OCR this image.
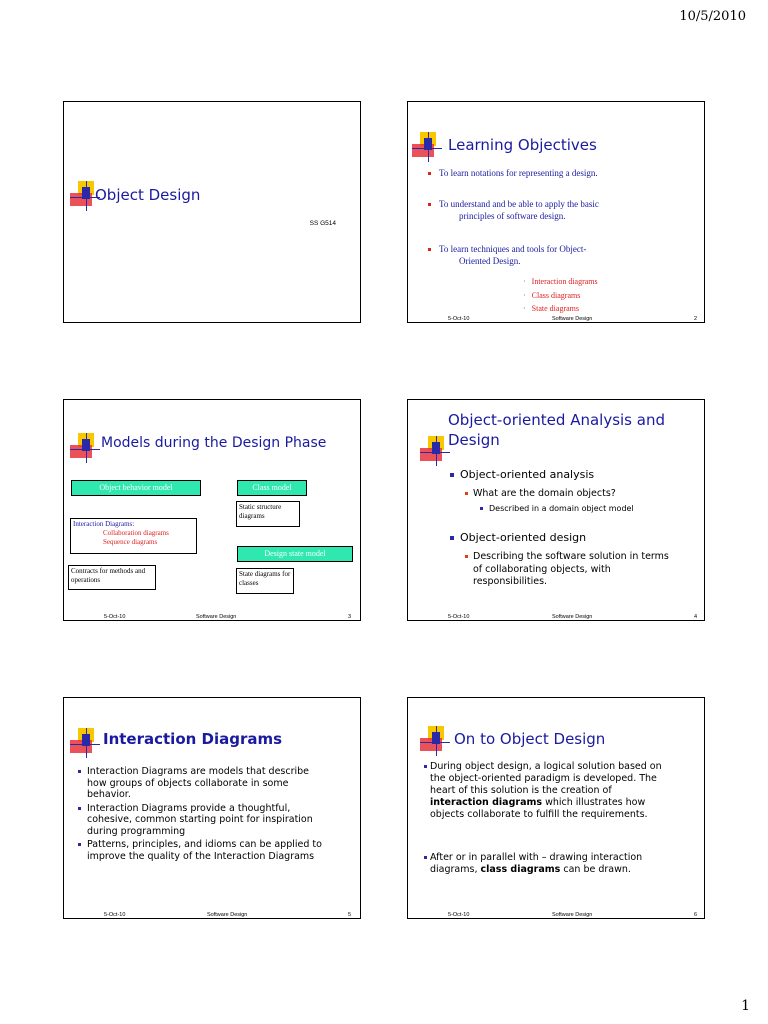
10/5/2010
Object Design
SS G514
Learning Objectives
To learn notations for representing a design.
To understand and be able to apply the basic
principles of software design.
To learn techniques and tools for Object-
Oriented Design.
· Interaction diagrams
· Class diagrams
· State diagrams
5-Oct-10	Software Design	2
Models during the Design Phase
Object behavior model	Class model
Static structure diagrams
Interaction Diagrams:
Collaboration diagrams
Sequence diagrams
Design state model
Contracts for methods and operations
State diagrams for classes
5-Oct-10	Software Design	3
Object-oriented Analysis and
Design
Object-oriented analysis
What are the domain objects?
Described in a domain object model
Object-oriented design
Describing the software solution in terms
of collaborating objects, with
responsibilities.
5-Oct-10	Software Design	4
Interaction Diagrams
Interaction Diagrams are models that describe
how groups of objects collaborate in some
behavior.
Interaction Diagrams provide a thoughtful,
cohesive, common starting point for inspiration
during programming
Patterns, principles, and idioms can be applied to
improve the quality of the Interaction Diagrams
5-Oct-10	Software Design	5
On to Object Design
During object design, a logical solution based on
the object-oriented paradigm is developed. The
heart of this solution is the creation of
interaction diagrams which illustrates how
objects collaborate to fulfill the requirements.
After or in parallel with – drawing interaction
diagrams, class diagrams can be drawn.
5-Oct-10	Software Design	6
1
